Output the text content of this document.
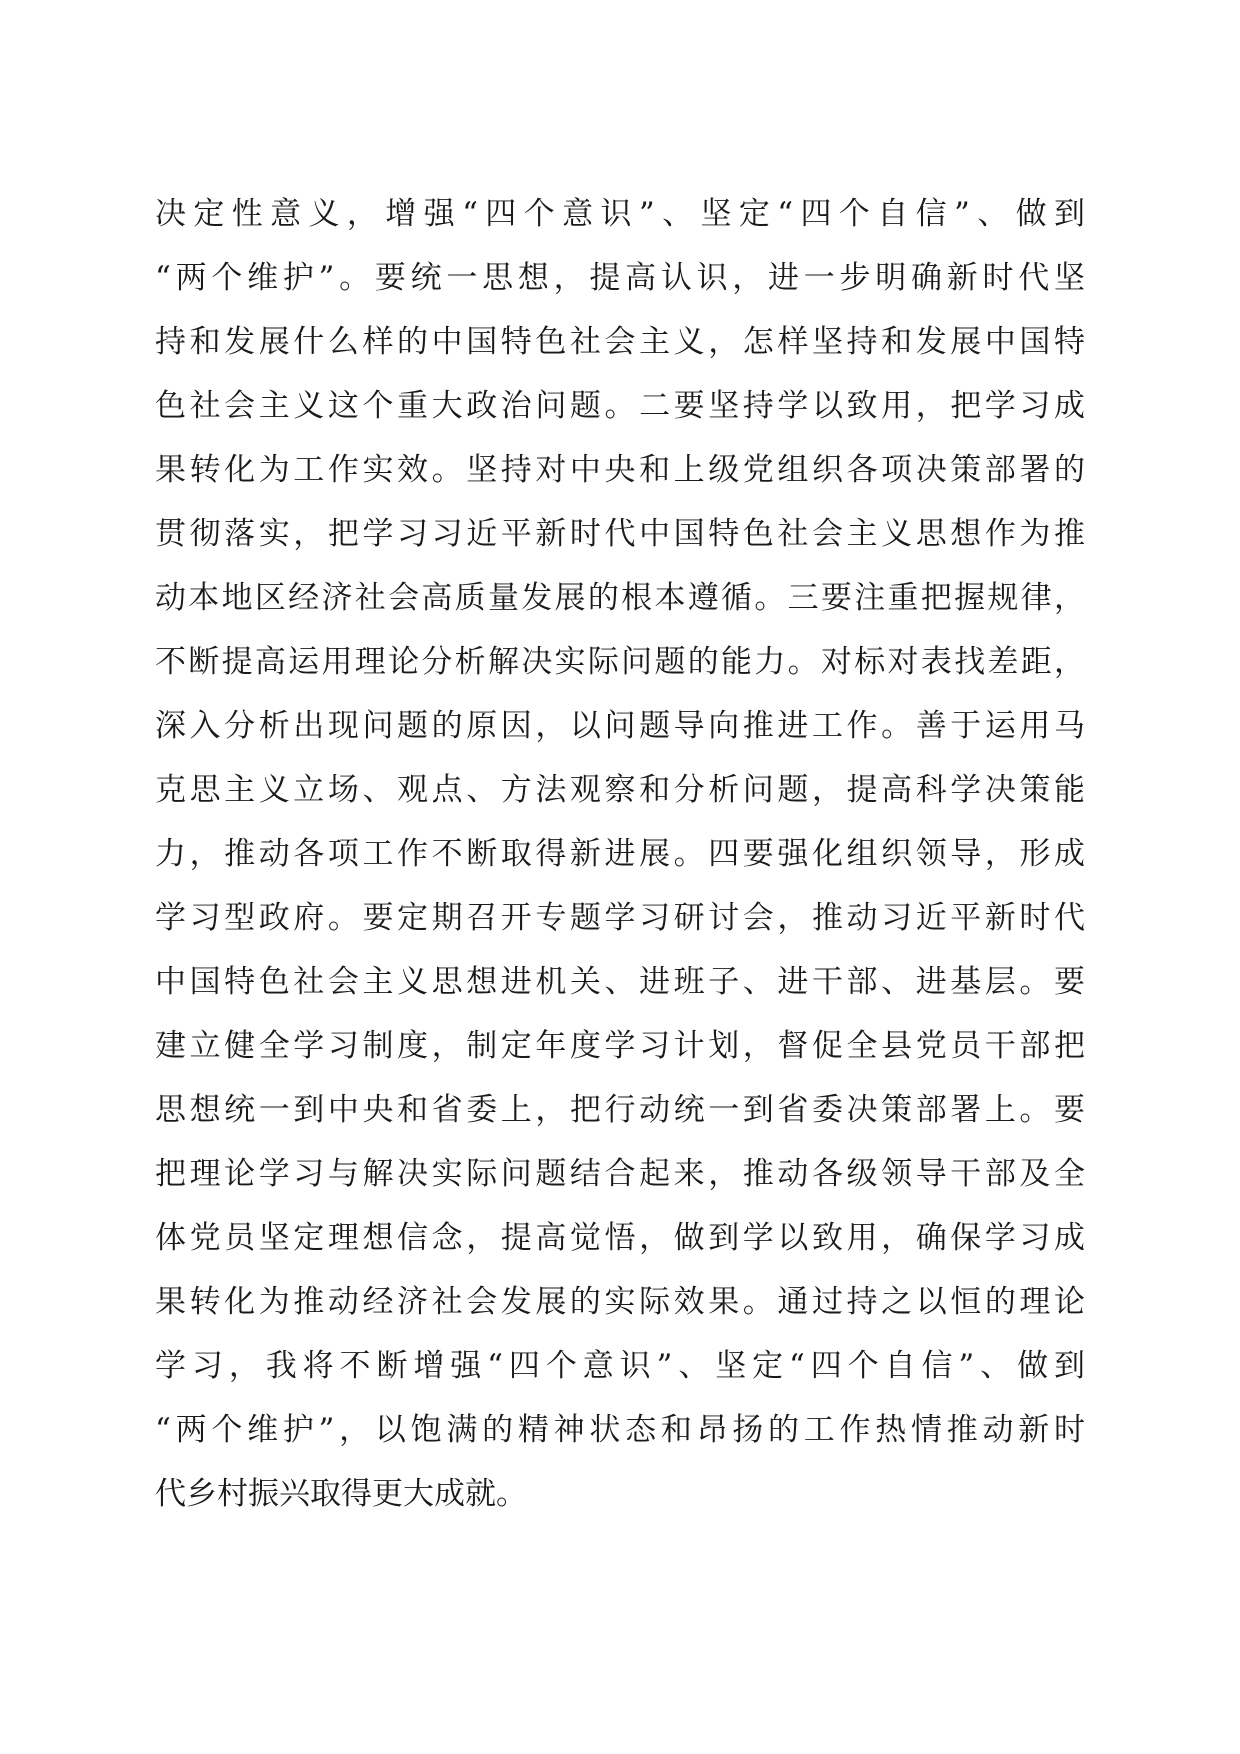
决定性意义，增强“四个意识”、坚定“四个自信”、做到
“两个维护”。要统一思想，提高认识，进一步明确新时代坚
持和发展什么样的中国特色社会主义，怎样坚持和发展中国特
色社会主义这个重大政治问题。二要坚持学以致用，把学习成
果转化为工作实效。坚持对中央和上级党组织各项决策部署的
贯彻落实，把学习习近平新时代中国特色社会主义思想作为推
动本地区经济社会高质量发展的根本遵循。三要注重把握规律，
不断提高运用理论分析解决实际问题的能力。对标对表找差距，
深入分析出现问题的原因，以问题导向推进工作。善于运用马
克思主义立场、观点、方法观察和分析问题，提高科学决策能
力，推动各项工作不断取得新进展。四要强化组织领导，形成
学习型政府。要定期召开专题学习研讨会，推动习近平新时代
中国特色社会主义思想进机关、进班子、进干部、进基层。要
建立健全学习制度，制定年度学习计划，督促全县党员干部把
思想统一到中央和省委上，把行动统一到省委决策部署上。要
把理论学习与解决实际问题结合起来，推动各级领导干部及全
体党员坚定理想信念，提高觉悟，做到学以致用，确保学习成
果转化为推动经济社会发展的实际效果。通过持之以恒的理论
学习，我将不断增强“四个意识”、坚定“四个自信”、做到
“两个维护”，以饱满的精神状态和昂扬的工作热情推动新时
代乡村振兴取得更大成就。
